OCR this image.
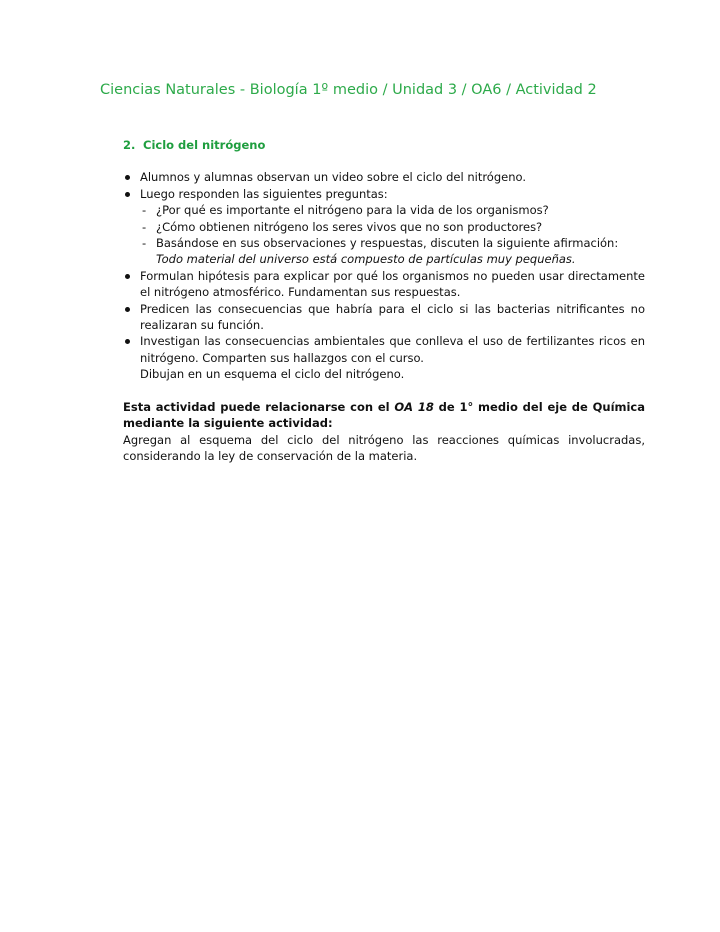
Ciencias Naturales - Biología 1º medio / Unidad 3 / OA6 / Actividad 2
2. Ciclo del nitrógeno
Alumnos y alumnas observan un video sobre el ciclo del nitrógeno.
Luego responden las siguientes preguntas:
- ¿Por qué es importante el nitrógeno para la vida de los organismos?
- ¿Cómo obtienen nitrógeno los seres vivos que no son productores?
- Basándose en sus observaciones y respuestas, discuten la siguiente afirmación:
Todo material del universo está compuesto de partículas muy pequeñas.
Formulan hipótesis para explicar por qué los organismos no pueden usar directamente el nitrógeno atmosférico. Fundamentan sus respuestas.
Predicen las consecuencias que habría para el ciclo si las bacterias nitrificantes no realizaran su función.
Investigan las consecuencias ambientales que conlleva el uso de fertilizantes ricos en nitrógeno. Comparten sus hallazgos con el curso.
Dibujan en un esquema el ciclo del nitrógeno.
Esta actividad puede relacionarse con el OA 18 de 1° medio del eje de Química mediante la siguiente actividad:
Agregan al esquema del ciclo del nitrógeno las reacciones químicas involucradas, considerando la ley de conservación de la materia.
